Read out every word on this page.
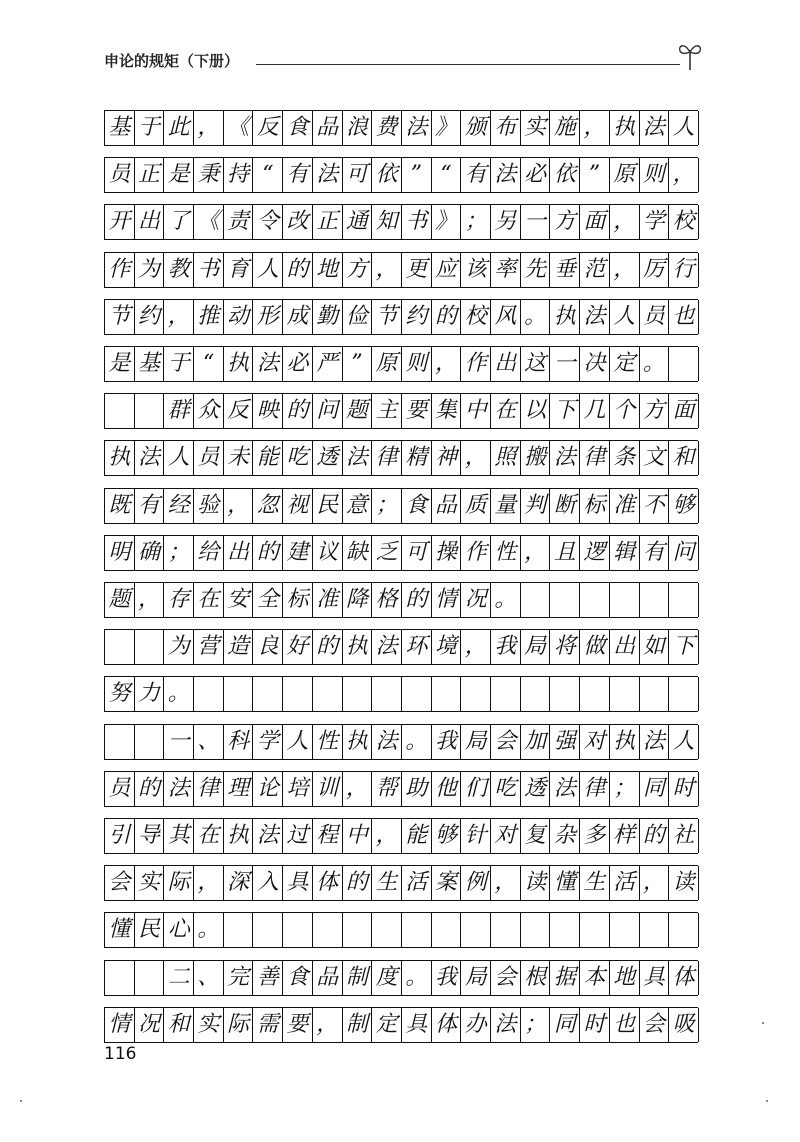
申论的规矩（下册）
基 于 此 ， 《 反 食 品 浪 费 法 》 颁 布 实 施 ， 执 法 人
员 正 是 秉 持 “ 有 法 可 依 ” “ 有 法 必 依 ” 原 则 ，
开 出 了 《 责 令 改 正 通 知 书 》 ； 另 一 方 面 ， 学 校
作 为 教 书 育 人 的 地 方 ， 更 应 该 率 先 垂 范 ， 厉 行
节 约 ， 推 动 形 成 勤 俭 节 约 的 校 风 。 执 法 人 员 也
是 基 于 “ 执 法 必 严 ” 原 则 ， 作 出 这 一 决 定 。
群 众 反 映 的 问 题 主 要 集 中 在 以 下 几 个 方 面
执 法 人 员 未 能 吃 透 法 律 精 神 ， 照 搬 法 律 条 文 和
既 有 经 验 ， 忽 视 民 意 ； 食 品 质 量 判 断 标 准 不 够
明 确 ； 给 出 的 建 议 缺 乏 可 操 作 性 ， 且 逻 辑 有 问
题 ， 存 在 安 全 标 准 降 格 的 情 况 。
为 营 造 良 好 的 执 法 环 境 ， 我 局 将 做 出 如 下
努 力 。
一 、 科 学 人 性 执 法 。 我 局 会 加 强 对 执 法 人
员 的 法 律 理 论 培 训 ， 帮 助 他 们 吃 透 法 律 ； 同 时
引 导 其 在 执 法 过 程 中 ， 能 够 针 对 复 杂 多 样 的 社
会 实 际 ， 深 入 具 体 的 生 活 案 例 ， 读 懂 生 活 ， 读
懂 民 心 。
二 、 完 善 食 品 制 度 。 我 局 会 根 据 本 地 具 体
情 况 和 实 际 需 要 ， 制 定 具 体 办 法 ； 同 时 也 会 吸
116
